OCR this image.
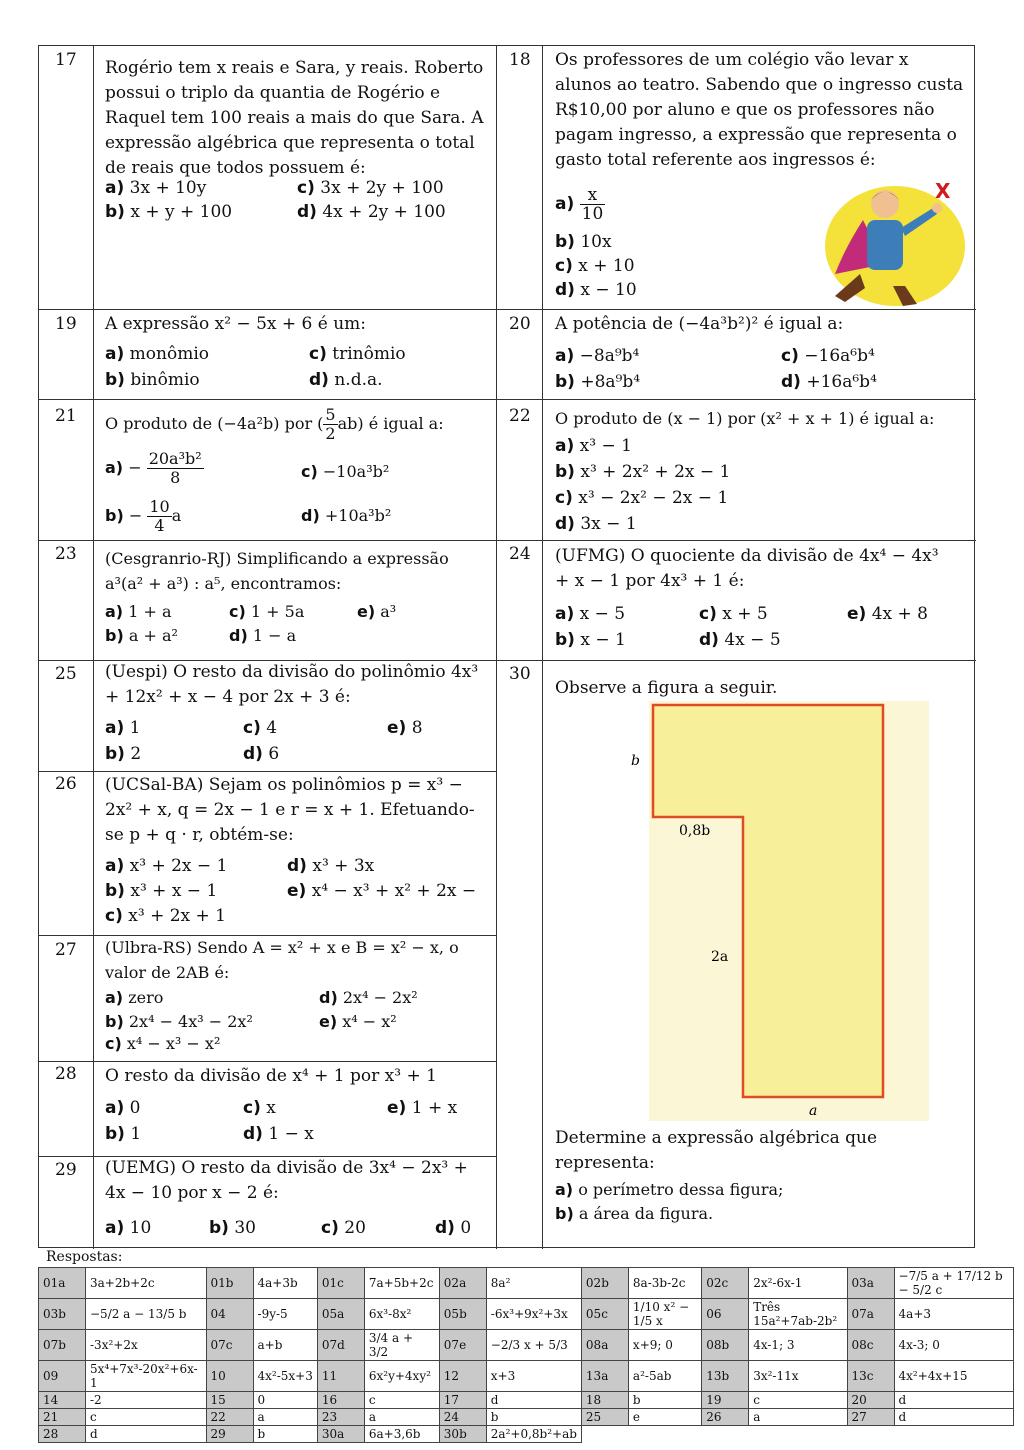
17 Rogério tem x reais e Sara, y reais. Roberto possui o triplo da quantia de Rogério e Raquel tem 100 reais a mais do que Sara. A expressão algébrica que representa o total de reais que todos possuem é:
a) 3x + 10y
b) x + y + 100
c) 3x + 2y + 100
d) 4x + 2y + 100
18 Os professores de um colégio vão levar x alunos ao teatro. Sabendo que o ingresso custa R$10,00 por aluno e que os professores não pagam ingresso, a expressão que representa o gasto total referente aos ingressos é:
$a) \frac{x}{10}$
b) 10x
c) x + 10
d) x − 10
X
19 A expressão x² − 5x + 6 é um:
a) monômio
b) binômio
c) trinômio
d) n.d.a.
20 A potência de (−4a³b²)² é igual a:
a) −8a⁹b⁴
b) +8a⁹b⁴
c) −16a⁶b⁴
d) +16a⁶b⁴
21 O produto de (−4a²b) por ( $\frac{5}{2} ab$) é igual a:
$a) - \frac{\text{20a³b²}}{8}$
$b) - \frac{10}{4}$ a
c) −10a³b²
d) +10a³b²
22 O produto de (x − 1) por (x² + x + 1) é igual a:
a) x³ − 1
b) x³ + 2x² + 2x − 1
c) x³ − 2x² − 2x − 1
d) 3x − 1
23 (Cesgranrio-RJ) Simplificando a expressão a³(a² + a³) : a⁵, encontramos:
a) 1 + a
b) a + a²
c) 1 + 5a
d) 1 − a
e) a³
24 (UFMG) O quociente da divisão de 4x⁴ − 4x³ + x − 1 por 4x³ + 1 é:
a) x − 5
b) x − 1
c) x + 5
d) 4x − 5
e) 4x + 8
25 (Uespi) O resto da divisão do polinômio 4x³ + 12x² + x − 4 por 2x + 3 é:
a) 1
b) 2
c) 4
d) 6
e) 8
26 (UCSal-BA) Sejam os polinômios p = x³ − 2x² + x, q = 2x − 1 e r = x + 1. Efetuando-se p + q · r, obtém-se:
a) x³ + 2x − 1
b) x³ + x − 1
c) x³ + 2x + 1
d) x³ + 3x
e) x⁴ − x³ + x² + 2x −
27 (Ulbra-RS) Sendo A = x² + x e B = x² − x, o valor de 2AB é:
a) zero
b) 2x⁴ − 4x³ − 2x²
c) x⁴ − x³ − x²
d) 2x⁴ − 2x²
e) x⁴ − x²
28 O resto da divisão de x⁴ + 1 por x³ + 1
a) 0
b) 1
c) x
d) 1 − x
e) 1 + x
29 (UEMG) O resto da divisão de 3x⁴ − 2x³ + 4x − 10 por x − 2 é:
a) 10	b) 30	c) 20	d) 0
30
Observe a figura a seguir.
b
0,8b
2a
a
Determine a expressão algébrica que representa:
a) o perímetro dessa figura;
b) a área da figura.
Respostas:
01a	3a+2b+2c	01b	4a+3b	01c	7a+5b+2c	02a	8a²	02b	8a-3b-2c	02c	2x²-6x-1	03a	−7/5 a + 17/12 b − 5/2 c
03b	−5/2 a − 13/5 b	04	-9y-5	05a	6x³-8x²	05b	-6x³+9x²+3x	05c	1/10 x² − 1/5 x	06	Três 15a²+7ab-2b²	07a	4a+3
07b	-3x²+2x	07c	a+b	07d	3/4 a + 3/2	07e	−2/3 x + 5/3	08a	x+9; 0	08b	4x-1; 3	08c	4x-3; 0
09	5x⁴+7x³-20x²+6x-1	10	4x²-5x+3	11	6x²y+4xy²	12	x+3	13a	a²-5ab	13b	3x²-11x	13c	4x²+4x+15
14	-2	15	0	16	c	17	d	18	b	19	c	20	d
21	c	22	a	23	a	24	b	25	e	26	a	27	d
28	d	29	b	30a	6a+3,6b	30b	2a²+0,8b²+ab						
